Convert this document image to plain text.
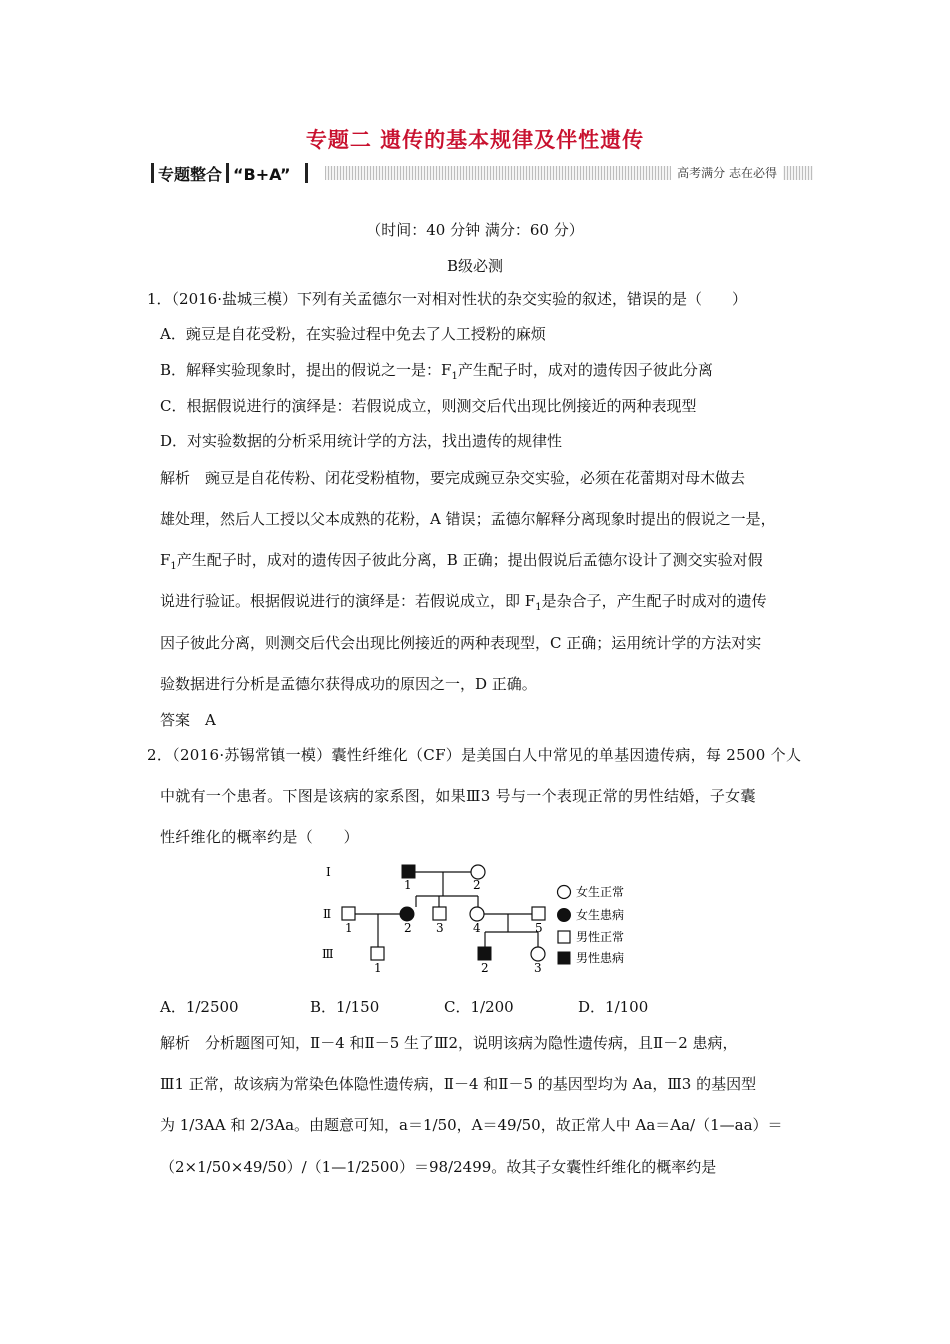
专题二 遗传的基本规律及伴性遗传
专题整合 “B+A”	高考满分 志在必得
（时间：40 分钟 满分：60 分）
B级必测
1．（2016·盐城三模）下列有关孟德尔一对相对性状的杂交实验的叙述，错误的是（　　）
A．豌豆是自花受粉，在实验过程中免去了人工授粉的麻烦
B．解释实验现象时，提出的假说之一是：$F_1$产生配子时，成对的遗传因子彼此分离
C．根据假说进行的演绎是：若假说成立，则测交后代出现比例接近的两种表现型
D．对实验数据的分析采用统计学的方法，找出遗传的规律性
解析　豌豆是自花传粉、闭花受粉植物，要完成豌豆杂交实验，必须在花蕾期对母木做去
雄处理，然后人工授以父本成熟的花粉，A 错误；孟德尔解释分离现象时提出的假说之一是，
$F_1$产生配子时，成对的遗传因子彼此分离，B 正确；提出假说后孟德尔设计了测交实验对假
说进行验证。根据假说进行的演绎是：若假说成立，即 $F_1$是杂合子，产生配子时成对的遗传
因子彼此分离，则测交后代会出现比例接近的两种表现型，C 正确；运用统计学的方法对实
验数据进行分析是孟德尔获得成功的原因之一，D 正确。
答案　A
2．（2016·苏锡常镇一模）囊性纤维化（CF）是美国白人中常见的单基因遗传病，每 2500 个人
中就有一个患者。下图是该病的家系图，如果Ⅲ3 号与一个表现正常的男性结婚，子女囊
性纤维化的概率约是（　　）
Ⅰ
Ⅱ
Ⅲ
1	2
1	2 3 4	5
1	2	3
女生正常
女生患病
男性正常
男性患病
A．1/2500	B．1/150	C．1/200	D．1/100
解析　分析题图可知，Ⅱ－4 和Ⅱ－5 生了Ⅲ2，说明该病为隐性遗传病，且Ⅱ－2 患病，
Ⅲ1 正常，故该病为常染色体隐性遗传病，Ⅱ－4 和Ⅱ－5 的基因型均为 Aa，Ⅲ3 的基因型
为 1/3AA 和 2/3Aa。由题意可知，a＝1/50，A＝49/50，故正常人中 Aa＝Aa/（1—aa）＝
（2×1/50×49/50）/（1—1/2500）＝98/2499。故其子女囊性纤维化的概率约是
